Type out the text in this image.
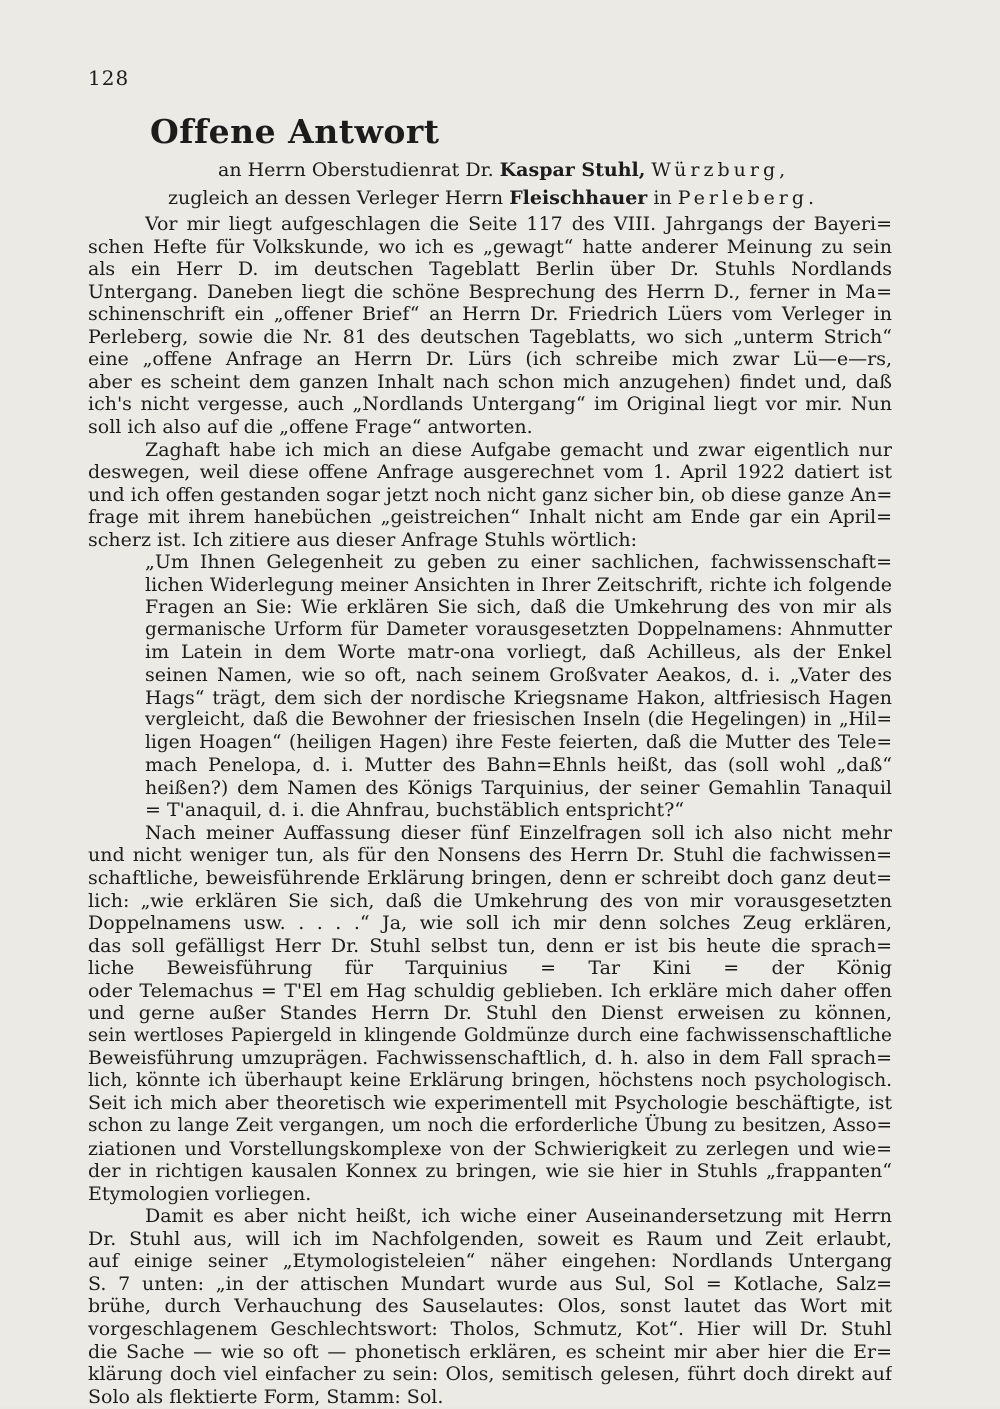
128
Offene Antwort
an Herrn Oberstudienrat Dr. Kaspar Stuhl, Würzburg,
zugleich an dessen Verleger Herrn Fleischhauer in Perleberg.
Vor mir liegt aufgeschlagen die Seite 117 des VIII. Jahrgangs der Bayeri=
schen Hefte für Volkskunde, wo ich es „gewagt“ hatte anderer Meinung zu sein
als ein Herr D. im deutschen Tageblatt Berlin über Dr. Stuhls Nordlands
Untergang. Daneben liegt die schöne Besprechung des Herrn D., ferner in Ma=
schinenschrift ein „offener Brief“ an Herrn Dr. Friedrich Lüers vom Verleger in
Perleberg, sowie die Nr. 81 des deutschen Tageblatts, wo sich „unterm Strich“
eine „offene Anfrage an Herrn Dr. Lürs (ich schreibe mich zwar Lü—e—rs,
aber es scheint dem ganzen Inhalt nach schon mich anzugehen) findet und, daß
ich's nicht vergesse, auch „Nordlands Untergang“ im Original liegt vor mir. Nun
soll ich also auf die „offene Frage“ antworten.
Zaghaft habe ich mich an diese Aufgabe gemacht und zwar eigentlich nur
deswegen, weil diese offene Anfrage ausgerechnet vom 1. April 1922 datiert ist
und ich offen gestanden sogar jetzt noch nicht ganz sicher bin, ob diese ganze An=
frage mit ihrem hanebüchen „geistreichen“ Inhalt nicht am Ende gar ein April=
scherz ist. Ich zitiere aus dieser Anfrage Stuhls wörtlich:
„Um Ihnen Gelegenheit zu geben zu einer sachlichen, fachwissenschaft=
lichen Widerlegung meiner Ansichten in Ihrer Zeitschrift, richte ich folgende
Fragen an Sie: Wie erklären Sie sich, daß die Umkehrung des von mir als
germanische Urform für Dameter vorausgesetzten Doppelnamens: Ahnmutter
im Latein in dem Worte matr-ona vorliegt, daß Achilleus, als der Enkel
seinen Namen, wie so oft, nach seinem Großvater Aeakos, d. i. „Vater des
Hags“ trägt, dem sich der nordische Kriegsname Hakon, altfriesisch Hagen
vergleicht, daß die Bewohner der friesischen Inseln (die Hegelingen) in „Hil=
ligen Hoagen“ (heiligen Hagen) ihre Feste feierten, daß die Mutter des Tele=
mach Penelopa, d. i. Mutter des Bahn=Ehnls heißt, das (soll wohl „daß“
heißen?) dem Namen des Königs Tarquinius, der seiner Gemahlin Tanaquil
= T'anaquil, d. i. die Ahnfrau, buchstäblich entspricht?“
Nach meiner Auffassung dieser fünf Einzelfragen soll ich also nicht mehr
und nicht weniger tun, als für den Nonsens des Herrn Dr. Stuhl die fachwissen=
schaftliche, beweisführende Erklärung bringen, denn er schreibt doch ganz deut=
lich: „wie erklären Sie sich, daß die Umkehrung des von mir vorausgesetzten
Doppelnamens usw. . . . .“ Ja, wie soll ich mir denn solches Zeug erklären,
das soll gefälligst Herr Dr. Stuhl selbst tun, denn er ist bis heute die sprach=
liche Beweisführung für Tarquinius = Tar Kini = der König
oder Telemachus = T'El em Hag schuldig geblieben. Ich erkläre mich daher offen
und gerne außer Standes Herrn Dr. Stuhl den Dienst erweisen zu können,
sein wertloses Papiergeld in klingende Goldmünze durch eine fachwissenschaftliche
Beweisführung umzuprägen. Fachwissenschaftlich, d. h. also in dem Fall sprach=
lich, könnte ich überhaupt keine Erklärung bringen, höchstens noch psychologisch.
Seit ich mich aber theoretisch wie experimentell mit Psychologie beschäftigte, ist
schon zu lange Zeit vergangen, um noch die erforderliche Übung zu besitzen, Asso=
ziationen und Vorstellungskomplexe von der Schwierigkeit zu zerlegen und wie=
der in richtigen kausalen Konnex zu bringen, wie sie hier in Stuhls „frappanten“
Etymologien vorliegen.
Damit es aber nicht heißt, ich wiche einer Auseinandersetzung mit Herrn
Dr. Stuhl aus, will ich im Nachfolgenden, soweit es Raum und Zeit erlaubt,
auf einige seiner „Etymologisteleien“ näher eingehen: Nordlands Untergang
S. 7 unten: „in der attischen Mundart wurde aus Sul, Sol = Kotlache, Salz=
brühe, durch Verhauchung des Sauselautes: Olos, sonst lautet das Wort mit
vorgeschlagenem Geschlechtswort: Tholos, Schmutz, Kot“. Hier will Dr. Stuhl
die Sache — wie so oft — phonetisch erklären, es scheint mir aber hier die Er=
klärung doch viel einfacher zu sein: Olos, semitisch gelesen, führt doch direkt auf
Solo als flektierte Form, Stamm: Sol.
